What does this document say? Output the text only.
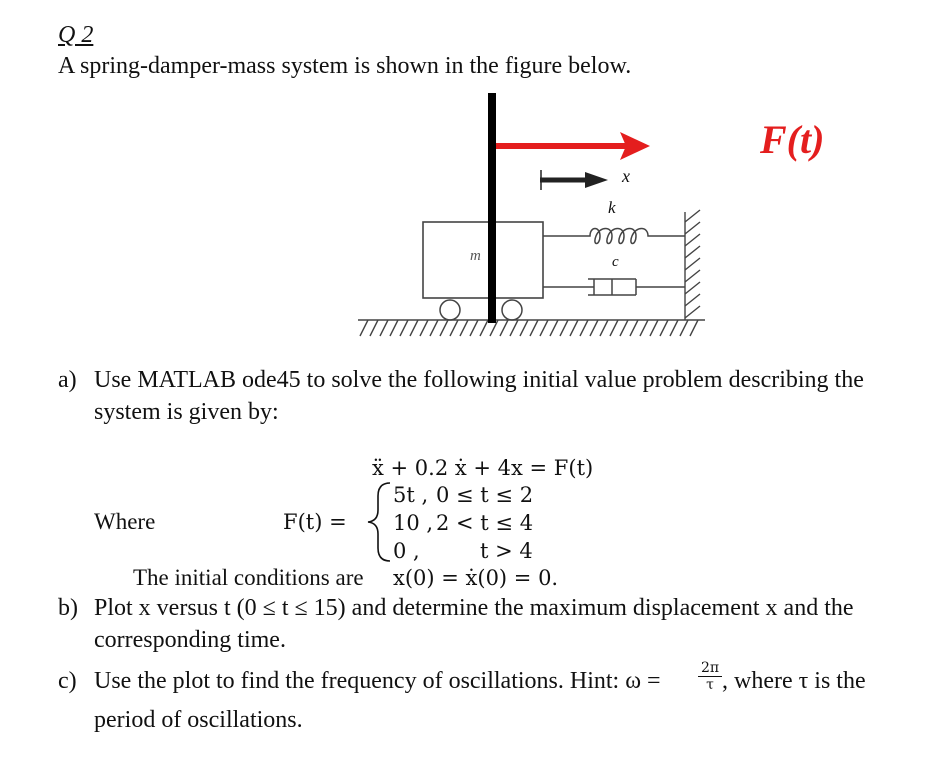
Q 2
A spring-damper-mass system is shown in the figure below.
F(t)
x
k
c
m
a) Use MATLAB ode45 to solve the following initial value problem describing the
system is given by:
ẍ + 0.2 ẋ + 4x = F(t)
Where	F(t) =
5t , 0 ≤ t ≤ 2
10 , 2 < t ≤ 4
0 ,	t > 4
The initial conditions are x(0) = ẋ(0) = 0.
b) Plot x versus t (0 ≤ t ≤ 15) and determine the maximum displacement x and the
corresponding time.
c) Use the plot to find the frequency of oscillations. Hint: ω =	$\frac{2\pi}{\tau}$ , where τ is the
period of oscillations.
